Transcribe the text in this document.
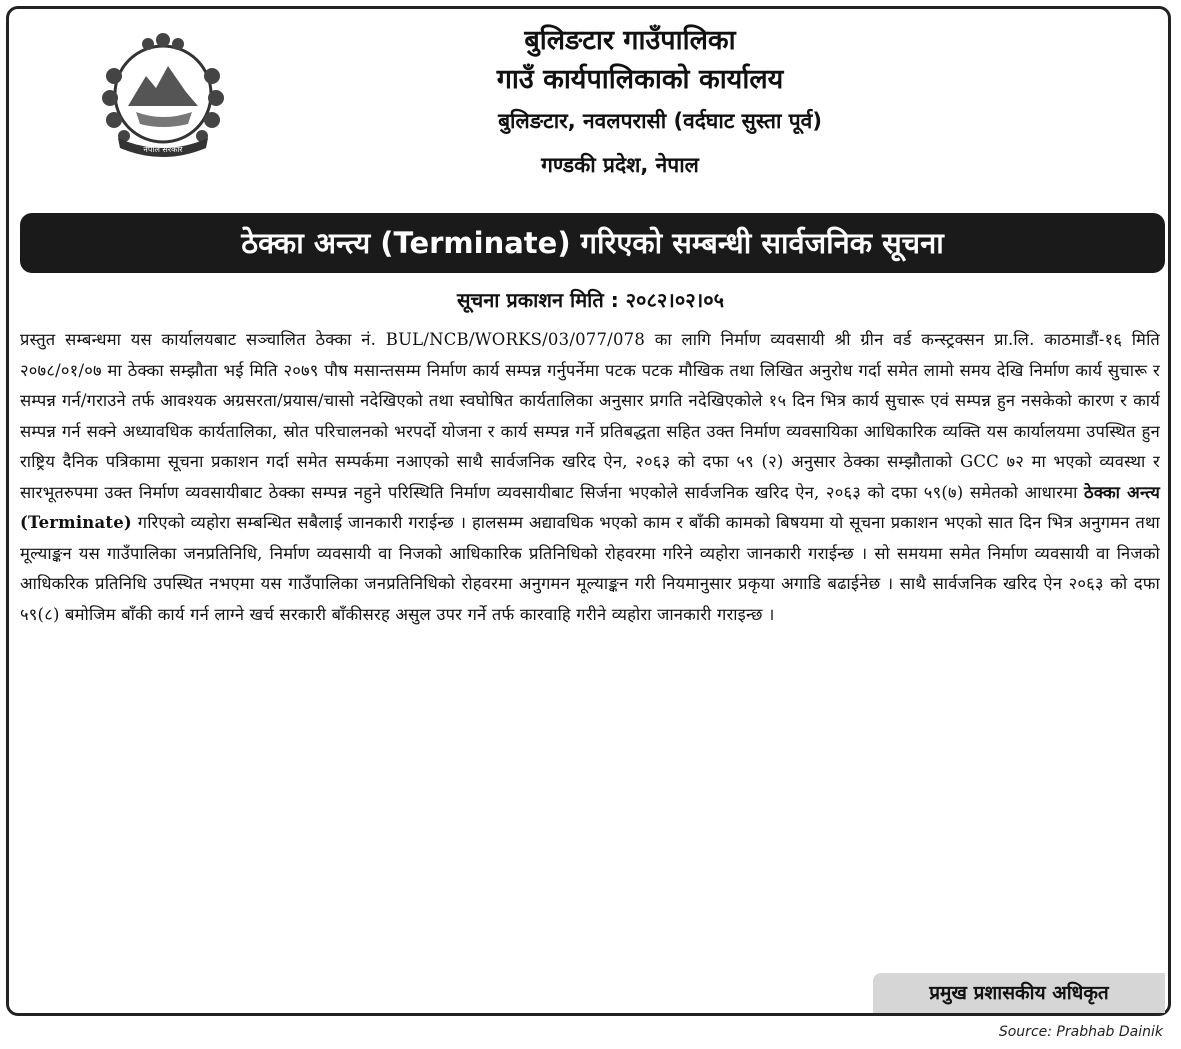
नेपाल सरकार
बुलिङटार गाउँपालिका
गाउँ कार्यपालिकाको कार्यालय
बुलिङटार, नवलपरासी (वर्दघाट सुस्ता पूर्व)
गण्डकी प्रदेश, नेपाल
ठेक्का अन्त्य (Terminate) गरिएको सम्बन्धी सार्वजनिक सूचना
सूचना प्रकाशन मिति : २०८२।०२।०५
प्रस्तुत सम्बन्धमा यस कार्यालयबाट सञ्चालित ठेक्का नं. BUL/NCB/WORKS/03/077/078 का लागि निर्माण व्यवसायी श्री ग्रीन वर्ड कन्स्ट्रक्सन प्रा.लि. काठमाडौं-१६ मिति २०७८/०१/०७ मा ठेक्का सम्झौता भई मिति २०७९ पौष मसान्तसम्म निर्माण कार्य सम्पन्न गर्नुपर्नेमा पटक पटक मौखिक तथा लिखित अनुरोध गर्दा समेत लामो समय देखि निर्माण कार्य सुचारू र सम्पन्न गर्न/गराउने तर्फ आवश्यक अग्रसरता/प्रयास/चासो नदेखिएको तथा स्वघोषित कार्यतालिका अनुसार प्रगति नदेखिएकोले १५ दिन भित्र कार्य सुचारू एवं सम्पन्न हुन नसकेको कारण र कार्य सम्पन्न गर्न सक्ने अध्यावधिक कार्यतालिका, स्रोत परिचालनको भरपर्दो योजना र कार्य सम्पन्न गर्ने प्रतिबद्धता सहित उक्त निर्माण व्यवसायिका आधिकारिक व्यक्ति यस कार्यालयमा उपस्थित हुन राष्ट्रिय दैनिक पत्रिकामा सूचना प्रकाशन गर्दा समेत सम्पर्कमा नआएको साथै सार्वजनिक खरिद ऐन, २०६३ को दफा ५९ (२) अनुसार ठेक्का सम्झौताको GCC ७२ मा भएको व्यवस्था र सारभूतरुपमा उक्त निर्माण व्यवसायीबाट ठेक्का सम्पन्न नहुने परिस्थिति निर्माण व्यवसायीबाट सिर्जना भएकोले सार्वजनिक खरिद ऐन, २०६३ को दफा ५९(७) समेतको आधारमा ठेक्का अन्त्य (Terminate) गरिएको व्यहोरा सम्बन्धित सबैलाई जानकारी गराईन्छ । हालसम्म अद्यावधिक भएको काम र बाँकी कामको बिषयमा यो सूचना प्रकाशन भएको सात दिन भित्र अनुगमन तथा मूल्याङ्कन यस गाउँपालिका जनप्रतिनिधि, निर्माण व्यवसायी वा निजको आधिकारिक प्रतिनिधिको रोहवरमा गरिने व्यहोरा जानकारी गराईन्छ । सो समयमा समेत निर्माण व्यवसायी वा निजको आधिकरिक प्रतिनिधि उपस्थित नभएमा यस गाउँपालिका जनप्रतिनिधिको रोहवरमा अनुगमन मूल्याङ्कन गरी नियमानुसार प्रकृया अगाडि बढाईनेछ । साथै सार्वजनिक खरिद ऐन २०६३ को दफा ५९(८) बमोजिम बाँकी कार्य गर्न लाग्ने खर्च सरकारी बाँकीसरह असुल उपर गर्ने तर्फ कारवाहि गरीने व्यहोरा जानकारी गराइन्छ ।
प्रमुख प्रशासकीय अधिकृत
Source: Prabhab Dainik
